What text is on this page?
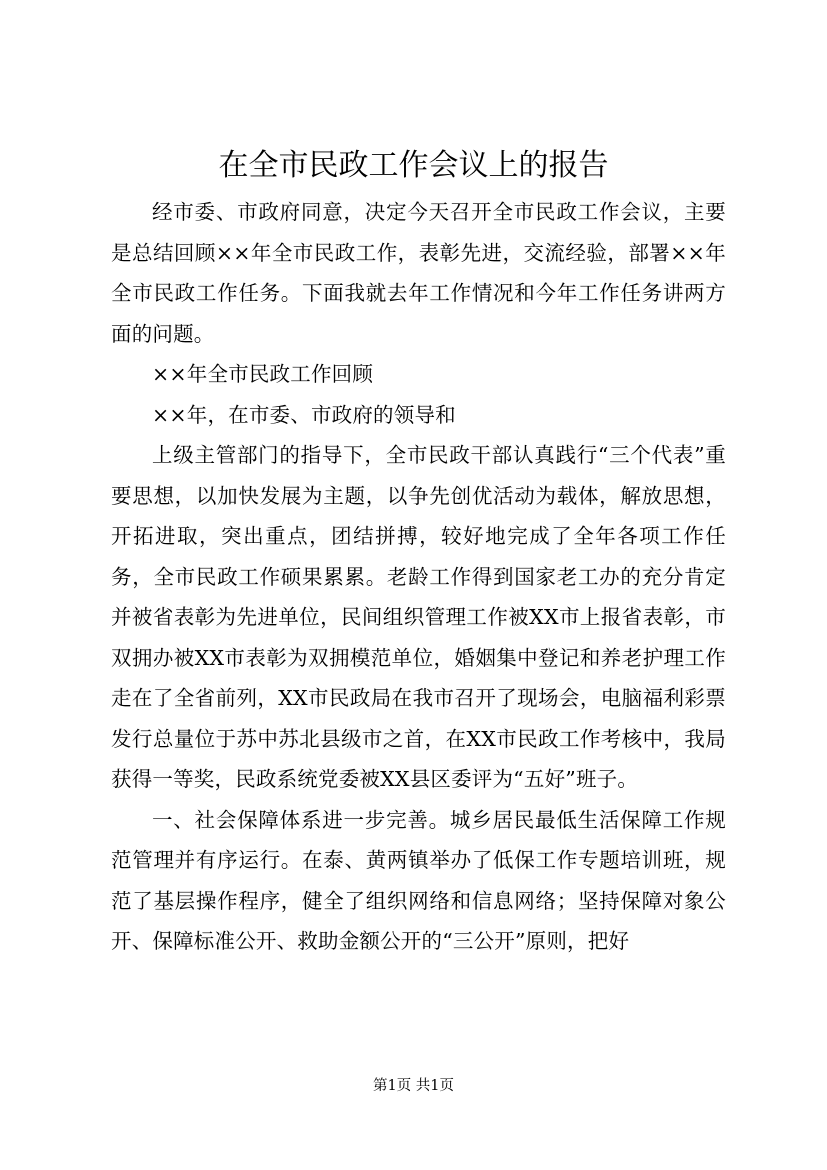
在全市民政工作会议上的报告

经市委、市政府同意，决定今天召开全市民政工作会议，主要是总结回顾××年全市民政工作，表彰先进，交流经验，部署××年全市民政工作任务。下面我就去年工作情况和今年工作任务讲两方面的问题。

××年全市民政工作回顾

××年，在市委、市政府的领导和

上级主管部门的指导下，全市民政干部认真践行“三个代表”重要思想，以加快发展为主题，以争先创优活动为载体，解放思想，开拓进取，突出重点，团结拼搏，较好地完成了全年各项工作任务，全市民政工作硕果累累。老龄工作得到国家老工办的充分肯定并被省表彰为先进单位，民间组织管理工作被XX市上报省表彰，市双拥办被XX市表彰为双拥模范单位，婚姻集中登记和养老护理工作走在了全省前列，XX市民政局在我市召开了现场会，电脑福利彩票发行总量位于苏中苏北县级市之首，在XX市民政工作考核中，我局获得一等奖，民政系统党委被XX县区委评为“五好”班子。

一、社会保障体系进一步完善。城乡居民最低生活保障工作规范管理并有序运行。在泰、黄两镇举办了低保工作专题培训班，规范了基层操作程序，健全了组织网络和信息网络；坚持保障对象公开、保障标准公开、救助金额公开的“三公开”原则，把好

第1页 共1页
